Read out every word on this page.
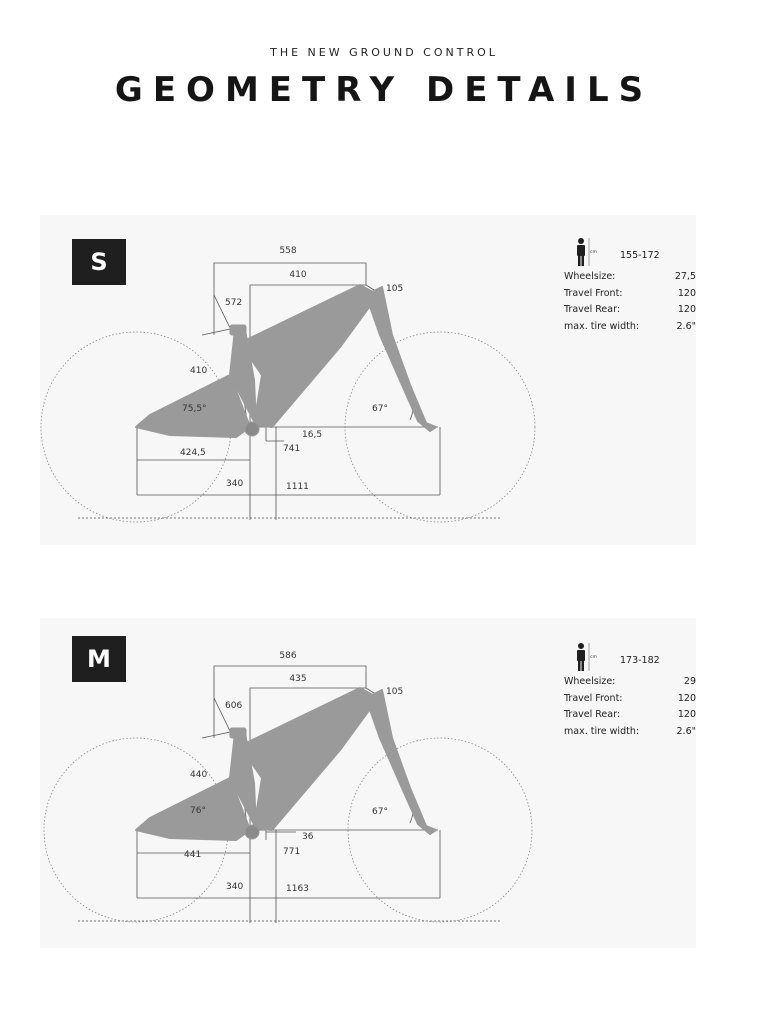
THE NEW GROUND CONTROL
GEOMETRY DETAILS
S	558
410
105
572
410
75,5°	67°
16,5
424,5	741
340	1111
cm 155-172
Wheelsize:	27,5
Travel Front:	120
Travel Rear:	120
max. tire width:	2.6"
M	586
435
105
606
440
76°	67°
36
441	771
340	1163
cm 173-182
Wheelsize:	29
Travel Front:	120
Travel Rear:	120
max. tire width:	2.6"
